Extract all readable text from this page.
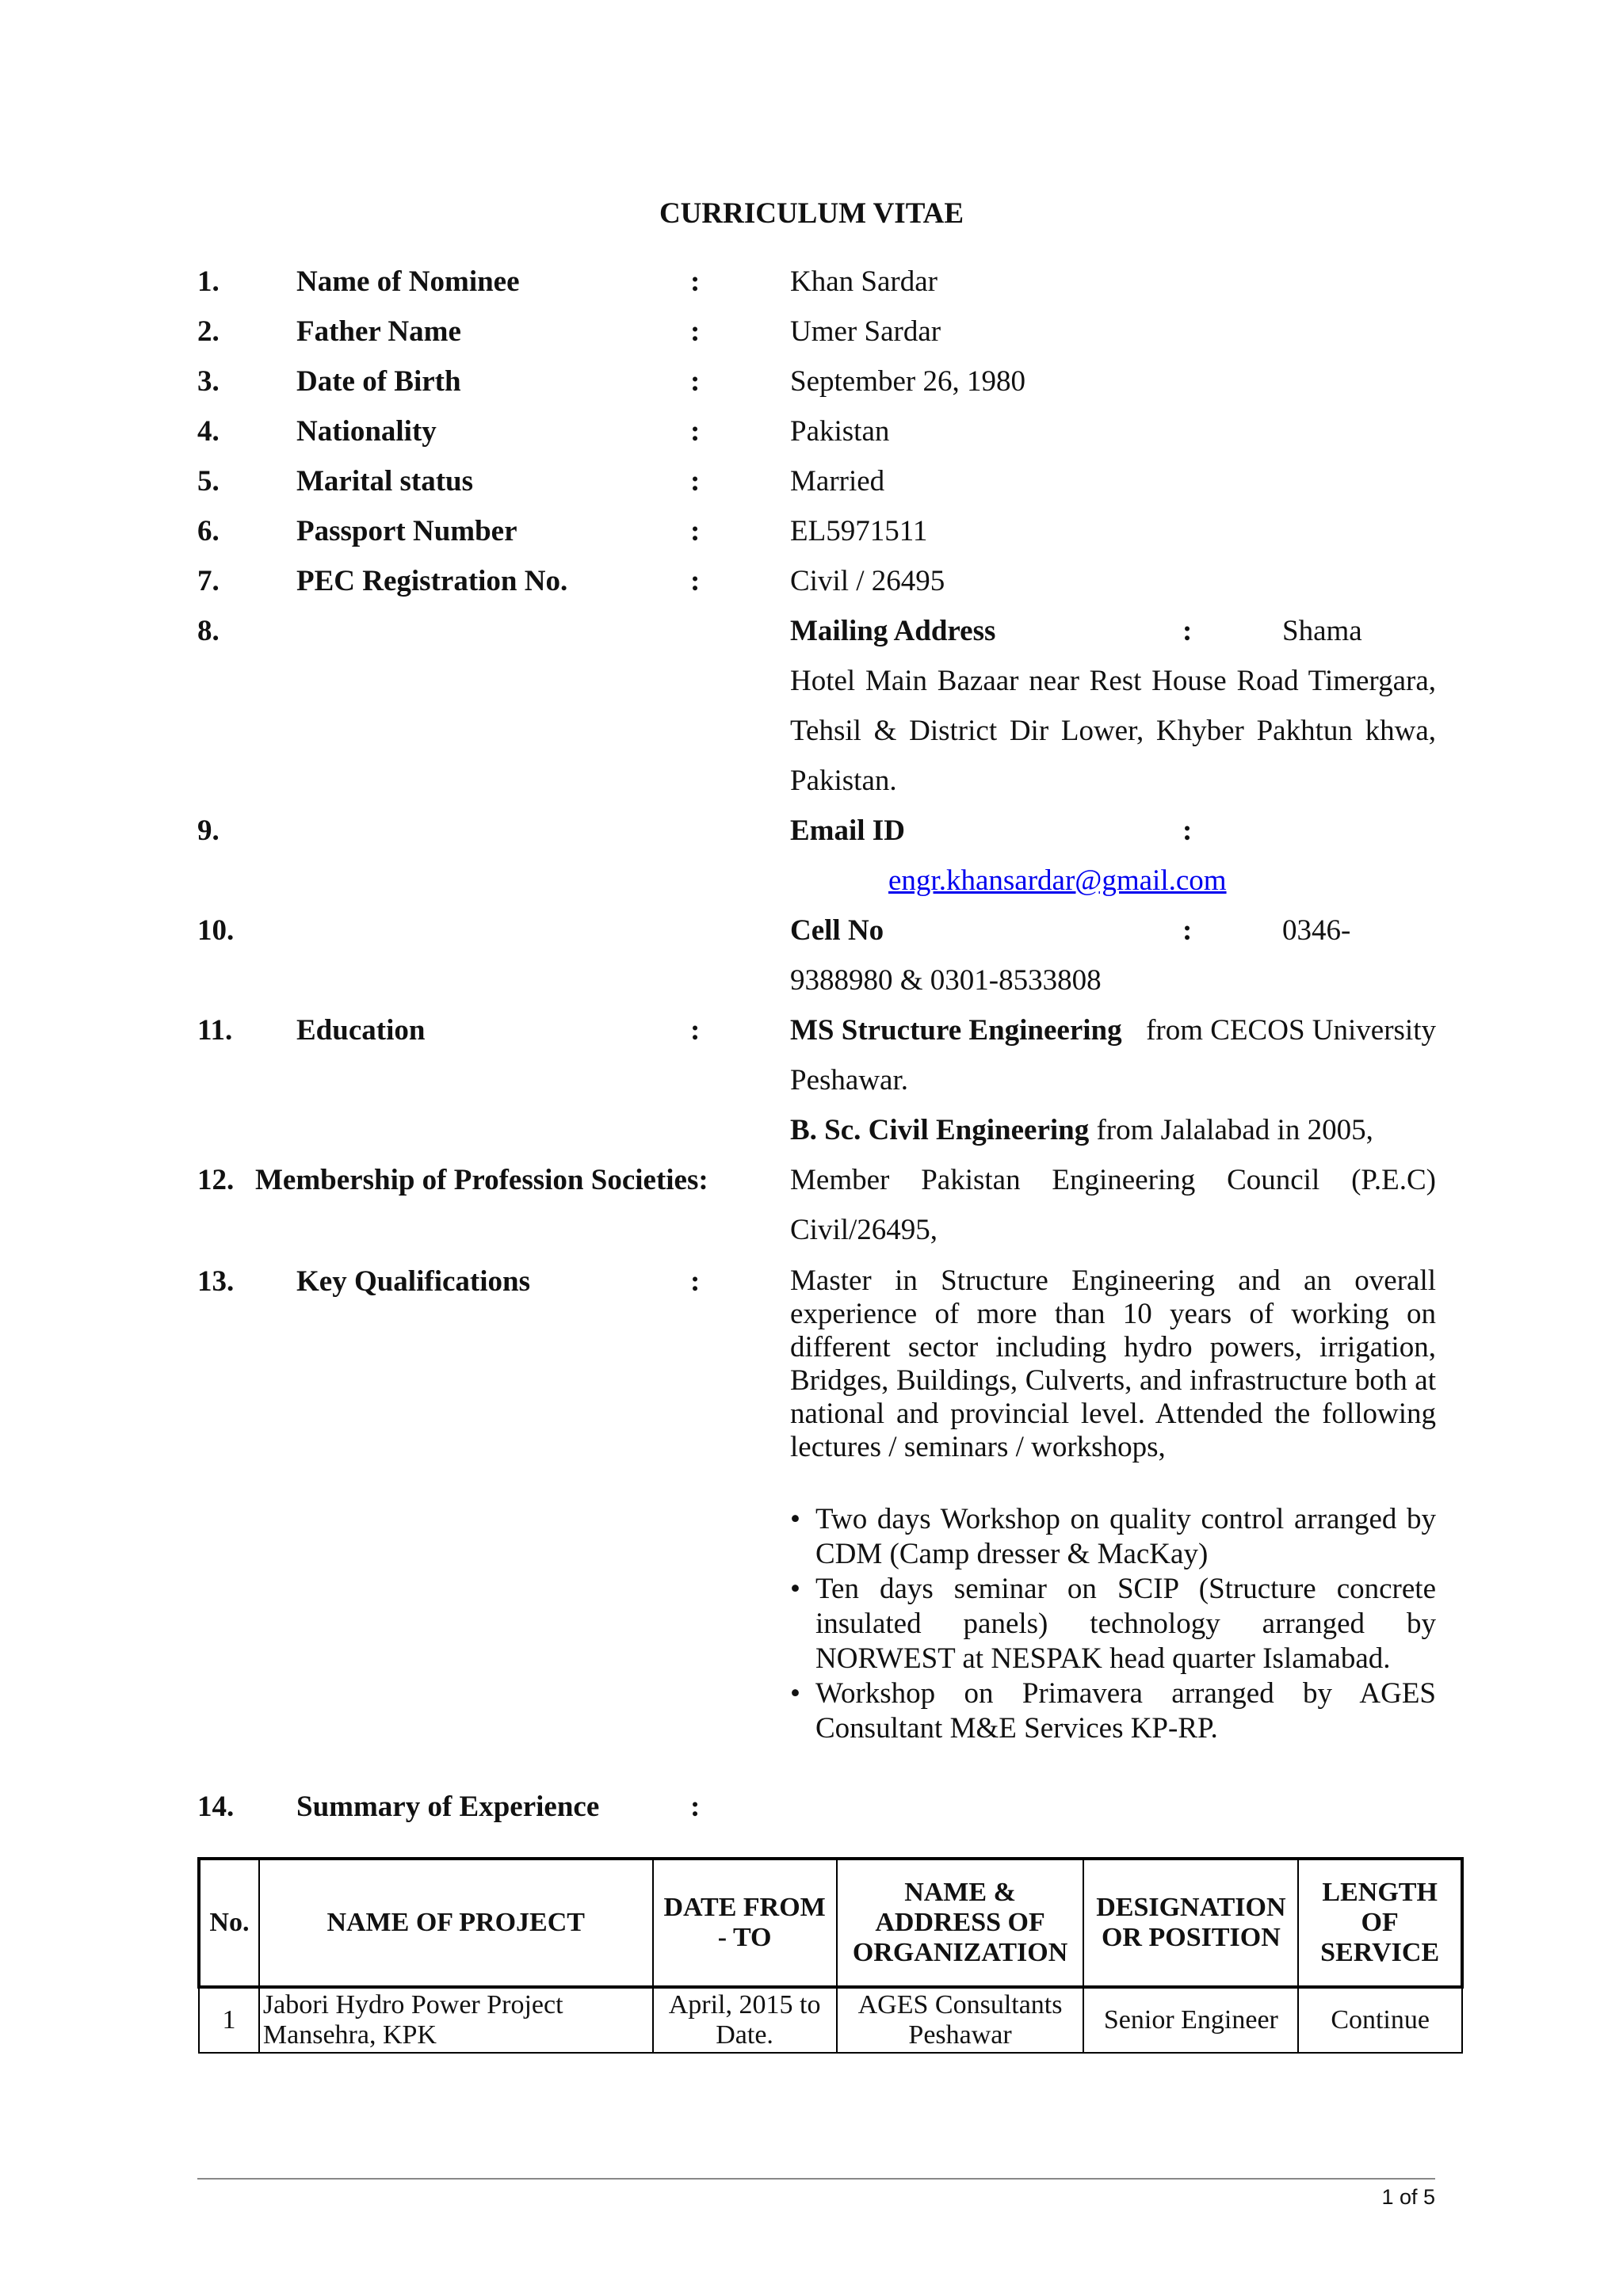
CURRICULUM VITAE
1.	Name of Nominee	:	Khan Sardar
2.	Father Name	:	Umer Sardar
3.	Date of Birth	:	September 26, 1980
4.	Nationality	:	Pakistan
5.	Marital status	:	Married
6.	Passport Number	:	EL5971511
7.	PEC Registration No.	:	Civil / 26495
8.	Mailing Address	:	Shama
Hotel Main Bazaar near Rest House Road Timergara,
Tehsil & District Dir Lower, Khyber Pakhtun khwa,
Pakistan.
9.	Email ID	:
engr.khansardar@gmail.com
10.	Cell No	:	0346-
9388980 & 0301-8533808
11. Education	:	MS Structure Engineering from CECOS University
Peshawar.
B. Sc. Civil Engineering from Jalalabad in 2005,
12. Membership of Profession Societies:	Member Pakistan Engineering Council (P.E.C)
Civil/26495,
13. Key Qualifications	:	Master in Structure Engineering and an overall experience of more than 10 years of working on different sector including hydro powers, irrigation, Bridges, Buildings, Culverts, and infrastructure both at national and provincial level. Attended the following lectures / seminars / workshops,
• Two days Workshop on quality control arranged by CDM (Camp dresser & MacKay)
• Ten days seminar on SCIP (Structure concrete insulated panels) technology arranged by NORWEST at NESPAK head quarter Islamabad.
• Workshop on Primavera arranged by AGES Consultant M&E Services KP-RP.
14. Summary of Experience	:
No.	NAME OF PROJECT	DATE FROM - TO	NAME & ADDRESS OF ORGANIZATION	DESIGNATION OR POSITION	LENGTH OF SERVICE
1	Jabori Hydro Power Project Mansehra, KPK	April, 2015 to Date.	AGES Consultants Peshawar	Senior Engineer	Continue
1 of 5
